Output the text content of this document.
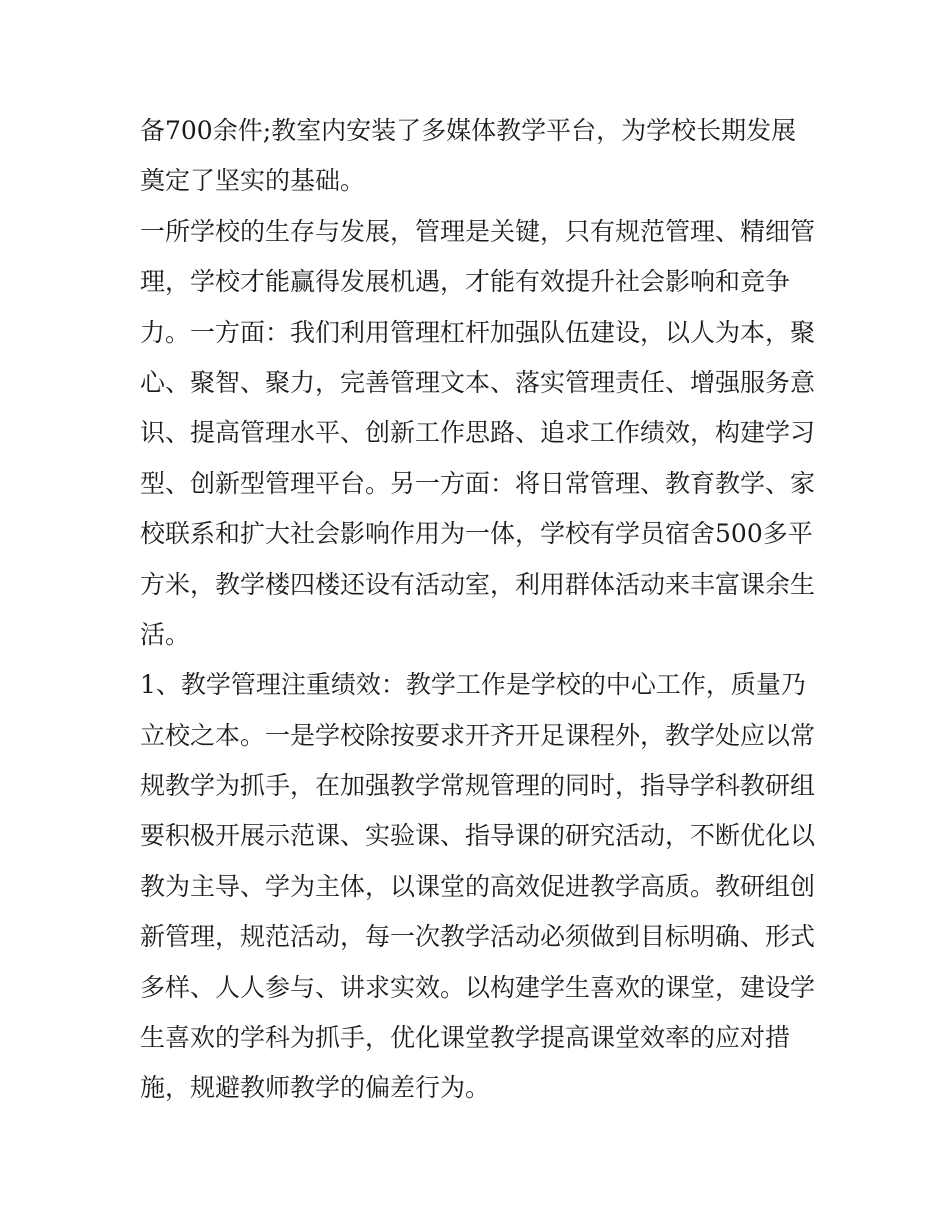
备700余件;教室内安装了多媒体教学平台，为学校长期发展
奠定了坚实的基础。
一所学校的生存与发展，管理是关键，只有规范管理、精细管
理，学校才能赢得发展机遇，才能有效提升社会影响和竞争
力。一方面：我们利用管理杠杆加强队伍建设，以人为本，聚
心、聚智、聚力，完善管理文本、落实管理责任、增强服务意
识、提高管理水平、创新工作思路、追求工作绩效，构建学习
型、创新型管理平台。另一方面：将日常管理、教育教学、家
校联系和扩大社会影响作用为一体，学校有学员宿舍500多平
方米，教学楼四楼还设有活动室，利用群体活动来丰富课余生
活。
1、教学管理注重绩效：教学工作是学校的中心工作，质量乃
立校之本。一是学校除按要求开齐开足课程外，教学处应以常
规教学为抓手，在加强教学常规管理的同时，指导学科教研组
要积极开展示范课、实验课、指导课的研究活动，不断优化以
教为主导、学为主体，以课堂的高效促进教学高质。教研组创
新管理，规范活动，每一次教学活动必须做到目标明确、形式
多样、人人参与、讲求实效。以构建学生喜欢的课堂，建设学
生喜欢的学科为抓手，优化课堂教学提高课堂效率的应对措
施，规避教师教学的偏差行为。
